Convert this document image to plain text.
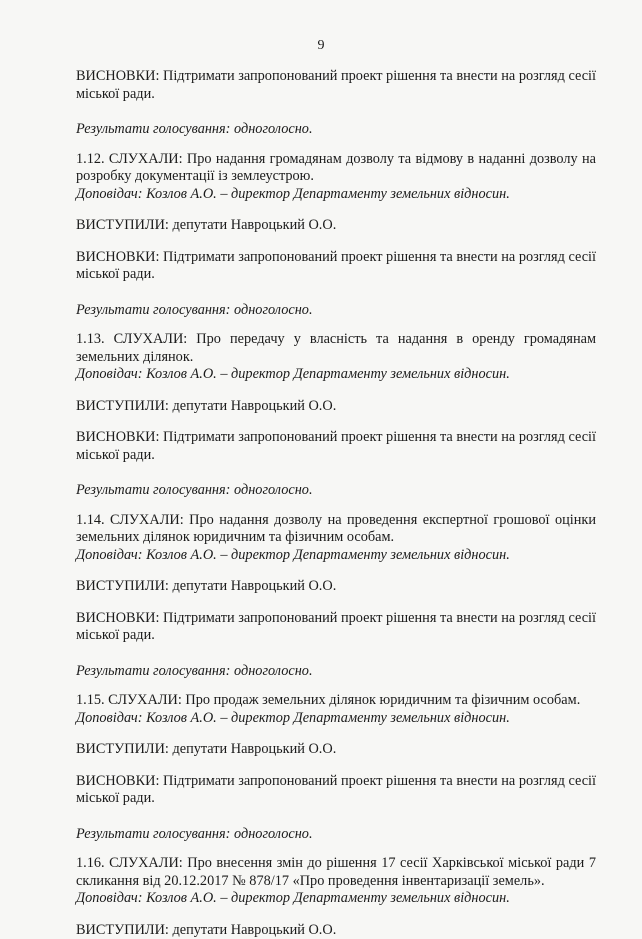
9

ВИСНОВКИ: Підтримати запропонований проект рішення та внести на розгляд сесії міської ради.

Результати голосування: одноголосно.

1.12. СЛУХАЛИ: Про надання громадянам дозволу та відмову в наданні дозволу на розробку документації із землеустрою.

Доповідач: Козлов А.О. – директор Департаменту земельних відносин.

ВИСТУПИЛИ: депутати Навроцький О.О.

ВИСНОВКИ: Підтримати запропонований проект рішення та внести на розгляд сесії міської ради.

Результати голосування: одноголосно.

1.13. СЛУХАЛИ: Про передачу у власність та надання в оренду громадянам земельних ділянок.

Доповідач: Козлов А.О. – директор Департаменту земельних відносин.

ВИСТУПИЛИ: депутати Навроцький О.О.

ВИСНОВКИ: Підтримати запропонований проект рішення та внести на розгляд сесії міської ради.

Результати голосування: одноголосно.

1.14. СЛУХАЛИ: Про надання дозволу на проведення експертної грошової оцінки земельних ділянок юридичним та фізичним особам.

Доповідач: Козлов А.О. – директор Департаменту земельних відносин.

ВИСТУПИЛИ: депутати Навроцький О.О.

ВИСНОВКИ: Підтримати запропонований проект рішення та внести на розгляд сесії міської ради.

Результати голосування: одноголосно.

1.15. СЛУХАЛИ: Про продаж земельних ділянок юридичним та фізичним особам.

Доповідач: Козлов А.О. – директор Департаменту земельних відносин.

ВИСТУПИЛИ: депутати Навроцький О.О.

ВИСНОВКИ: Підтримати запропонований проект рішення та внести на розгляд сесії міської ради.

Результати голосування: одноголосно.

1.16. СЛУХАЛИ: Про внесення змін до рішення 17 сесії Харківської міської ради 7 скликання від 20.12.2017 № 878/17 «Про проведення інвентаризації земель».

Доповідач: Козлов А.О. – директор Департаменту земельних відносин.

ВИСТУПИЛИ: депутати Навроцький О.О.
